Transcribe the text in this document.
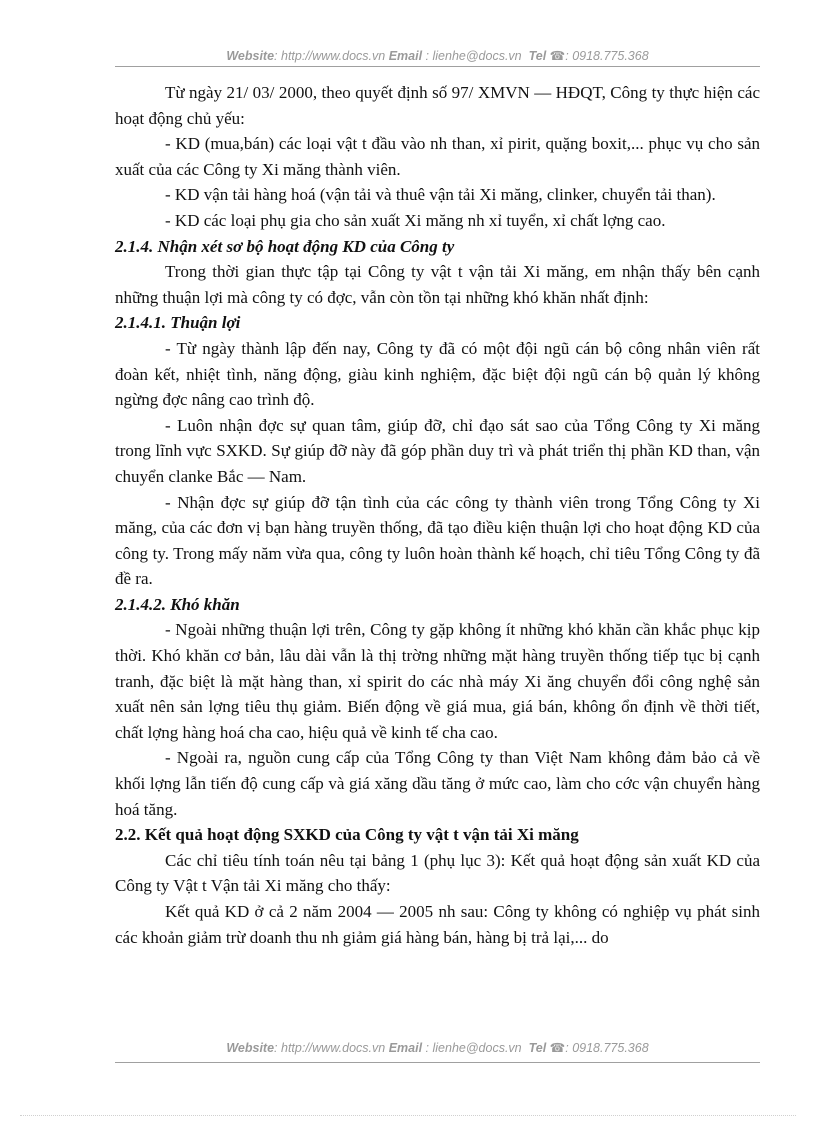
Website: http://www.docs.vn Email : lienhe@docs.vn Tel ☎: 0918.775.368

Từ ngày 21/ 03/ 2000, theo quyết định số 97/ XMVN — HĐQT, Công ty thực hiện các hoạt động chủ yếu:

- KD (mua,bán) các loại vật t đầu vào nh than, xỉ pirit, quặng boxit,... phục vụ cho sản xuất của các Công ty Xi măng thành viên.

- KD vận tải hàng hoá (vận tải và thuê vận tải Xi măng, clinker, chuyển tải than).

- KD các loại phụ gia cho sản xuất Xi măng nh xỉ tuyển, xỉ chất lợng cao.

2.1.4. Nhận xét sơ bộ hoạt động KD của Công ty

Trong thời gian thực tập tại Công ty vật t vận tải Xi măng, em nhận thấy bên cạnh những thuận lợi mà công ty có đợc, vẫn còn tồn tại những khó khăn nhất định:

2.1.4.1. Thuận lợi

- Từ ngày thành lập đến nay, Công ty đã có một đội ngũ cán bộ công nhân viên rất đoàn kết, nhiệt tình, năng động, giàu kinh nghiệm, đặc biệt đội ngũ cán bộ quản lý không ngừng đợc nâng cao trình độ.

- Luôn nhận đợc sự quan tâm, giúp đỡ, chỉ đạo sát sao của Tổng Công ty Xi măng trong lĩnh vực SXKD. Sự giúp đỡ này đã góp phần duy trì và phát triển thị phần KD than, vận chuyển clanke Bắc — Nam.

- Nhận đợc sự giúp đỡ tận tình của các công ty thành viên trong Tổng Công ty Xi măng, của các đơn vị bạn hàng truyền thống, đã tạo điều kiện thuận lợi cho hoạt động KD của công ty. Trong mấy năm vừa qua, công ty luôn hoàn thành kế hoạch, chỉ tiêu Tổng Công ty đã đề ra.

2.1.4.2. Khó khăn

- Ngoài những thuận lợi trên, Công ty gặp không ít những khó khăn cần khắc phục kịp thời. Khó khăn cơ bản, lâu dài vẫn là thị trờng những mặt hàng truyền thống tiếp tục bị cạnh tranh, đặc biệt là mặt hàng than, xỉ spirit do các nhà máy Xi ăng chuyển đổi công nghệ sản xuất nên sản lợng tiêu thụ giảm. Biến động về giá mua, giá bán, không ổn định về thời tiết, chất lợng hàng hoá cha cao, hiệu quả về kinh tế cha cao.

- Ngoài ra, nguồn cung cấp của Tổng Công ty than Việt Nam không đảm bảo cả về khối lợng lẫn tiến độ cung cấp và giá xăng dầu tăng ở mức cao, làm cho cớc vận chuyển hàng hoá tăng.

2.2. Kết quả hoạt động SXKD của Công ty vật t vận tải Xi măng

Các chỉ tiêu tính toán nêu tại bảng 1 (phụ lục 3): Kết quả hoạt động sản xuất KD của Công ty Vật t Vận tải Xi măng cho thấy:

Kết quả KD ở cả 2 năm 2004 — 2005 nh sau: Công ty không có nghiệp vụ phát sinh các khoản giảm trừ doanh thu nh giảm giá hàng bán, hàng bị trả lại,... do

Website: http://www.docs.vn Email : lienhe@docs.vn Tel ☎: 0918.775.368
